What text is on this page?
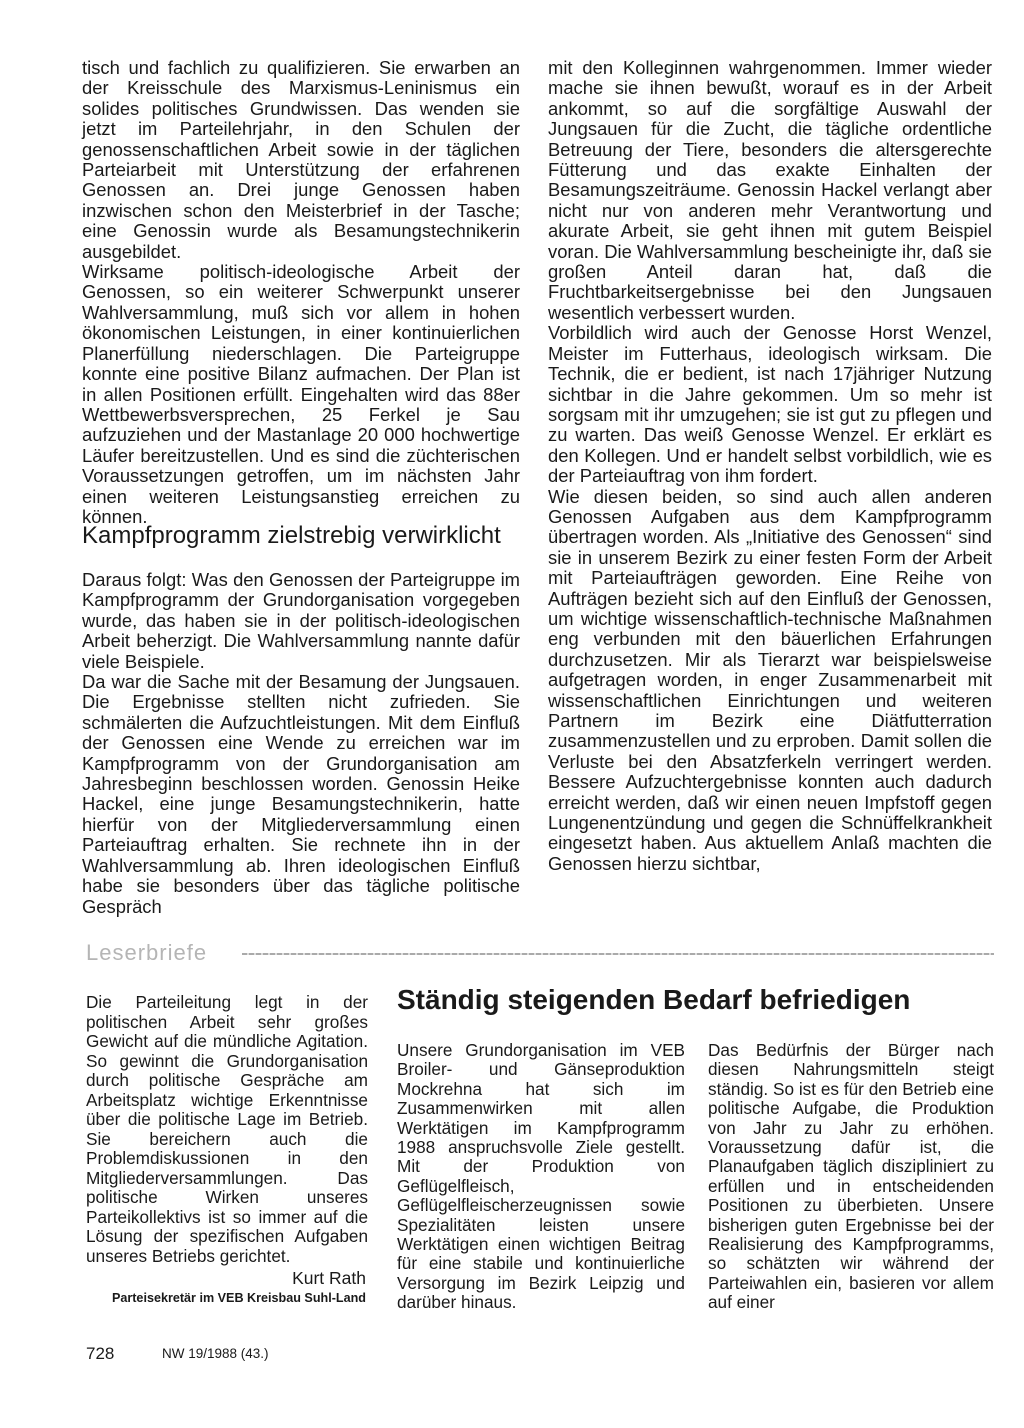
tisch und fachlich zu qualifizieren. Sie erwarben an der Kreisschule des Marxismus-Leninismus ein solides politisches Grundwissen. Das wenden sie jetzt im Parteilehrjahr, in den Schulen der genossenschaftlichen Arbeit sowie in der täglichen Parteiarbeit mit Unterstützung der erfahrenen Genossen an. Drei junge Genossen haben inzwischen schon den Meisterbrief in der Tasche; eine Genossin wurde als Besamungstechnikerin ausgebildet.

Wirksame politisch-ideologische Arbeit der Genossen, so ein weiterer Schwerpunkt unserer Wahlversammlung, muß sich vor allem in hohen ökonomischen Leistungen, in einer kontinuierlichen Planerfüllung niederschlagen. Die Parteigruppe konnte eine positive Bilanz aufmachen. Der Plan ist in allen Positionen erfüllt. Eingehalten wird das 88er Wettbewerbsversprechen, 25 Ferkel je Sau aufzuziehen und der Mastanlage 20 000 hochwertige Läufer bereitzustellen. Und es sind die züchterischen Voraussetzungen getroffen, um im nächsten Jahr einen weiteren Leistungsanstieg erreichen zu können.

Kampfprogramm zielstrebig verwirklicht

Daraus folgt: Was den Genossen der Parteigruppe im Kampfprogramm der Grundorganisation vorgegeben wurde, das haben sie in der politisch-ideologischen Arbeit beherzigt. Die Wahlversammlung nannte dafür viele Beispiele.

Da war die Sache mit der Besamung der Jungsauen. Die Ergebnisse stellten nicht zufrieden. Sie schmälerten die Aufzuchtleistungen. Mit dem Einfluß der Genossen eine Wende zu erreichen war im Kampfprogramm von der Grundorganisation am Jahresbeginn beschlossen worden. Genossin Heike Hackel, eine junge Besamungstechnikerin, hatte hierfür von der Mitgliederversammlung einen Parteiauftrag erhalten. Sie rechnete ihn in der Wahlversammlung ab. Ihren ideologischen Einfluß habe sie besonders über das tägliche politische Gespräch

mit den Kolleginnen wahrgenommen. Immer wieder mache sie ihnen bewußt, worauf es in der Arbeit ankommt, so auf die sorgfältige Auswahl der Jungsauen für die Zucht, die tägliche ordentliche Betreuung der Tiere, besonders die altersgerechte Fütterung und das exakte Einhalten der Besamungszeiträume. Genossin Hackel verlangt aber nicht nur von anderen mehr Verantwortung und akurate Arbeit, sie geht ihnen mit gutem Beispiel voran. Die Wahlversammlung bescheinigte ihr, daß sie großen Anteil daran hat, daß die Fruchtbarkeitsergebnisse bei den Jungsauen wesentlich verbessert wurden.

Vorbildlich wird auch der Genosse Horst Wenzel, Meister im Futterhaus, ideologisch wirksam. Die Technik, die er bedient, ist nach 17jähriger Nutzung sichtbar in die Jahre gekommen. Um so mehr ist sorgsam mit ihr umzugehen; sie ist gut zu pflegen und zu warten. Das weiß Genosse Wenzel. Er erklärt es den Kollegen. Und er handelt selbst vorbildlich, wie es der Parteiauftrag von ihm fordert.

Wie diesen beiden, so sind auch allen anderen Genossen Aufgaben aus dem Kampfprogramm übertragen worden. Als „Initiative des Genossen“ sind sie in unserem Bezirk zu einer festen Form der Arbeit mit Parteiaufträgen geworden. Eine Reihe von Aufträgen bezieht sich auf den Einfluß der Genossen, um wichtige wissenschaftlich-technische Maßnahmen eng verbunden mit den bäuerlichen Erfahrungen durchzusetzen. Mir als Tierarzt war beispielsweise aufgetragen worden, in enger Zusammenarbeit mit wissenschaftlichen Einrichtungen und weiteren Partnern im Bezirk eine Diätfutterration zusammenzustellen und zu erproben. Damit sollen die Verluste bei den Absatzferkeln verringert werden. Bessere Aufzuchtergebnisse konnten auch dadurch erreicht werden, daß wir einen neuen Impfstoff gegen Lungenentzündung und gegen die Schnüffelkrankheit eingesetzt haben. Aus aktuellem Anlaß machten die Genossen hierzu sichtbar,

Leserbriefe

Die Parteileitung legt in der politischen Arbeit sehr großes Gewicht auf die mündliche Agitation. So gewinnt die Grundorganisation durch politische Gespräche am Arbeitsplatz wichtige Erkenntnisse über die politische Lage im Betrieb. Sie bereichern auch die Problemdiskussionen in den Mitgliederversammlungen. Das politische Wirken unseres Parteikollektivs ist so immer auf die Lösung der spezifischen Aufgaben unseres Betriebs gerichtet.

Kurt Rath
Parteisekretär im VEB Kreisbau Suhl-Land
Ständig steigenden Bedarf befriedigen

Unsere Grundorganisation im VEB Broiler- und Gänseproduktion Mockrehna hat sich im Zusammenwirken mit allen Werktätigen im Kampfprogramm 1988 anspruchsvolle Ziele gestellt. Mit der Produktion von Geflügelfleisch, Geflügelfleischerzeugnissen sowie Spezialitäten leisten unsere Werktätigen einen wichtigen Beitrag für eine stabile und kontinuierliche Versorgung im Bezirk Leipzig und darüber hinaus.

Das Bedürfnis der Bürger nach diesen Nahrungsmitteln steigt ständig. So ist es für den Betrieb eine politische Aufgabe, die Produktion von Jahr zu Jahr zu erhöhen. Voraussetzung dafür ist, die Planaufgaben täglich diszipliniert zu erfüllen und in entscheidenden Positionen zu überbieten. Unsere bisherigen guten Ergebnisse bei der Realisierung des Kampfprogramms, so schätzten wir während der Parteiwahlen ein, basieren vor allem auf einer

728	NW 19/1988 (43.)
